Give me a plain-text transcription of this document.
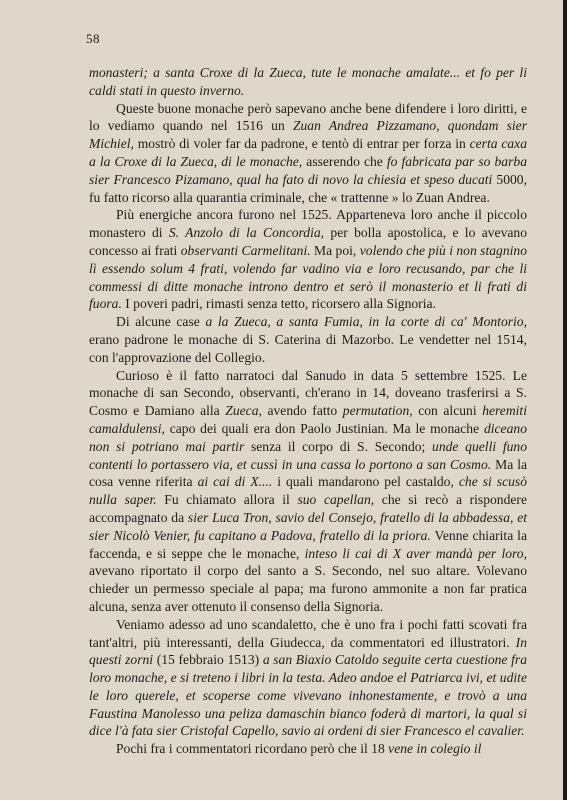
58

monasteri; a santa Croxe di la Zueca, tute le monache amalate... et fo per li caldi stati in questo inverno.

Queste buone monache però sapevano anche bene difendere i loro diritti, e lo vediamo quando nel 1516 un Zuan Andrea Pizzamano, quondam sier Michiel, mostrò di voler far da padrone, e tentò di entrar per forza in certa caxa a la Croxe di la Zueca, di le monache, asserendo che fo fabricata par so barba sier Francesco Pizamano, qual ha fato di novo la chiesia et speso ducati 5000, fu fatto ricorso alla quarantia criminale, che « trattenne » lo Zuan Andrea.

Più energiche ancora furono nel 1525. Apparteneva loro anche il piccolo monastero di S. Anzolo di la Concordia, per bolla apostolica, e lo avevano concesso ai frati observanti Carmelitani. Ma poi, volendo che più i non stagnino lì essendo solum 4 frati, volendo far vadino via e loro recusando, par che li commessi di ditte monache introno dentro et serò il monasterio et li frati di fuora. I poveri padri, rimasti senza tetto, ricorsero alla Signoria.

Di alcune case a la Zueca, a santa Fumia, in la corte di ca' Montorio, erano padrone le monache di S. Caterina di Mazorbo. Le vendetter nel 1514, con l'approvazione del Collegio.

Curioso è il fatto narratoci dal Sanudo in data 5 settembre 1525. Le monache di san Secondo, observanti, ch'erano in 14, doveano trasferirsi a S. Cosmo e Damiano alla Zueca, avendo fatto permutation, con alcuni heremiti camaldulensi, capo dei quali era don Paolo Justinian. Ma le monache diceano non si potriano mai partir senza il corpo di S. Secondo; unde quelli funo contenti lo portassero via, et cussì in una cassa lo portono a san Cosmo. Ma la cosa venne riferita ai cai di X.... i quali mandarono pel castaldo, che si scusò nulla saper. Fu chiamato allora il suo capellan, che si recò a rispondere accompagnato da sier Luca Tron, savio del Consejo, fratello di la abbadessa, et sier Nicolò Venier, fu capitano a Padova, fratello di la priora. Venne chiarita la faccenda, e si seppe che le monache, inteso li cai di X aver mandà per loro, avevano riportato il corpo del santo a S. Secondo, nel suo altare. Volevano chieder un permesso speciale al papa; ma furono ammonite a non far pratica alcuna, senza aver ottenuto il consenso della Signoria.

Veniamo adesso ad uno scandaletto, che è uno fra i pochi fatti scovati fra tant'altri, più interessanti, della Giudecca, da commentatori ed illustratori. In questi zorni (15 febbraio 1513) a san Biaxio Catoldo seguite certa cuestione fra loro monache, e si treteno i libri in la testa. Adeo andoe el Patriarca ivi, et udite le loro querele, et scoperse come vivevano inhonestamente, e trovò a una Faustina Manolesso una peliza damaschin bianco foderà di martori, la qual si dice l'à fata sier Cristofal Capello, savio ai ordeni di sier Francesco el cavalier.

Pochi fra i commentatori ricordano però che il 18 vene in colegio il
